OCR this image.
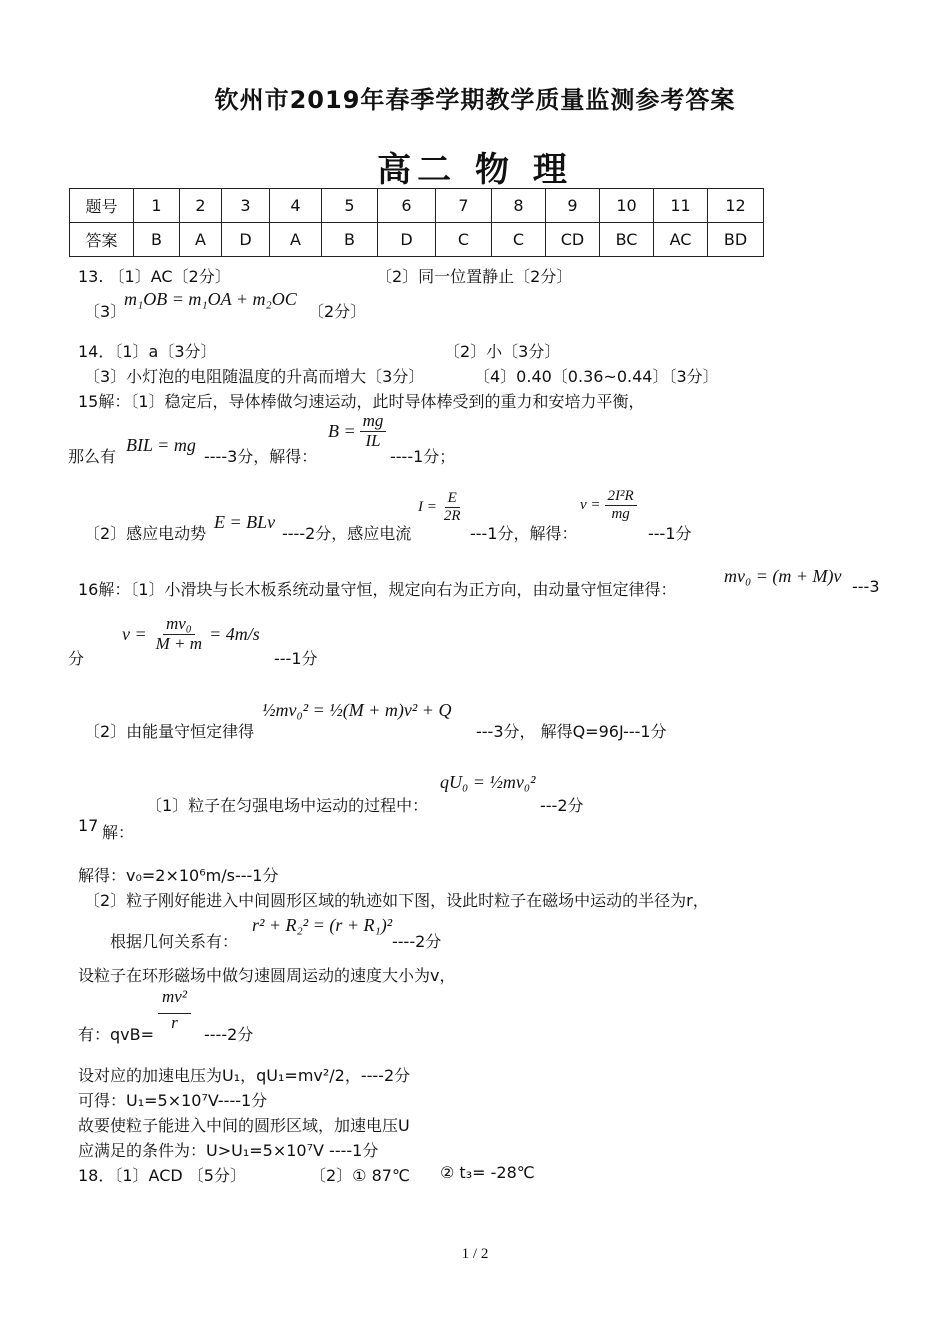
钦州市2019年春季学期教学质量监测参考答案
高二 物 理
题号	1	2	3	4	5	6	7	8	9	10	11	12
答案	B	A	D	A	B	D	C	C	CD	BC	AC	BD
13. 〔1〕AC〔2分〕	〔2〕同一位置静止〔2分〕
〔3〕
m₁OB = m₁OA + m₂OC
〔2分〕
14．〔1〕a〔3分〕	〔2〕小〔3分〕
〔3〕小灯泡的电阻随温度的升高而增大〔3分〕	〔4〕0.40〔0.36~0.44〕〔3分〕
15解：〔1〕稳定后，导体棒做匀速运动，此时导体棒受到的重力和安培力平衡，
那么有
BIL = mg
----3分，解得：
$B = \frac{mg}{IL}$
----1分；
〔2〕感应电动势
E = BLv
----2分，感应电流
$I = \frac{E}{2R}$
---1分，解得：
$v = \frac{\text{2I²R}}{mg}$
---1分
16解：〔1〕小滑块与长木板系统动量守恒，规定向右为正方向，由动量守恒定律得：
mv₀ = (m + M)v
---3
分
$v = \frac{\text{mv₀}}{M + m} = 4m/s$
---1分
〔2〕由能量守恒定律得
½mv₀² = ½(M + m)v² + Q
---3分， 解得Q=96J---1分
〔1〕粒子在匀强电场中运动的过程中：
qU₀ = ½mv₀²
---2分
17 解：
解得：v₀=2×10⁶m/s---1分
〔2〕粒子刚好能进入中间圆形区域的轨迹如下图，设此时粒子在磁场中运动的半径为r，
根据几何关系有：
r² + R₂² = (r + R₁)²
----2分
设粒子在环形磁场中做匀速圆周运动的速度大小为v，
有：qvB=
$\frac{\text{mv²}}{r}$
----2分
设对应的加速电压为U₁，qU₁=mv²/2，----2分
可得：U₁=5×10⁷V----1分
故要使粒子能进入中间的圆形区域，加速电压U
应满足的条件为：U>U₁=5×10⁷V ----1分
18．〔1〕ACD 〔5分〕	〔2〕① 87℃ ② t₃= -28℃
1 / 2
